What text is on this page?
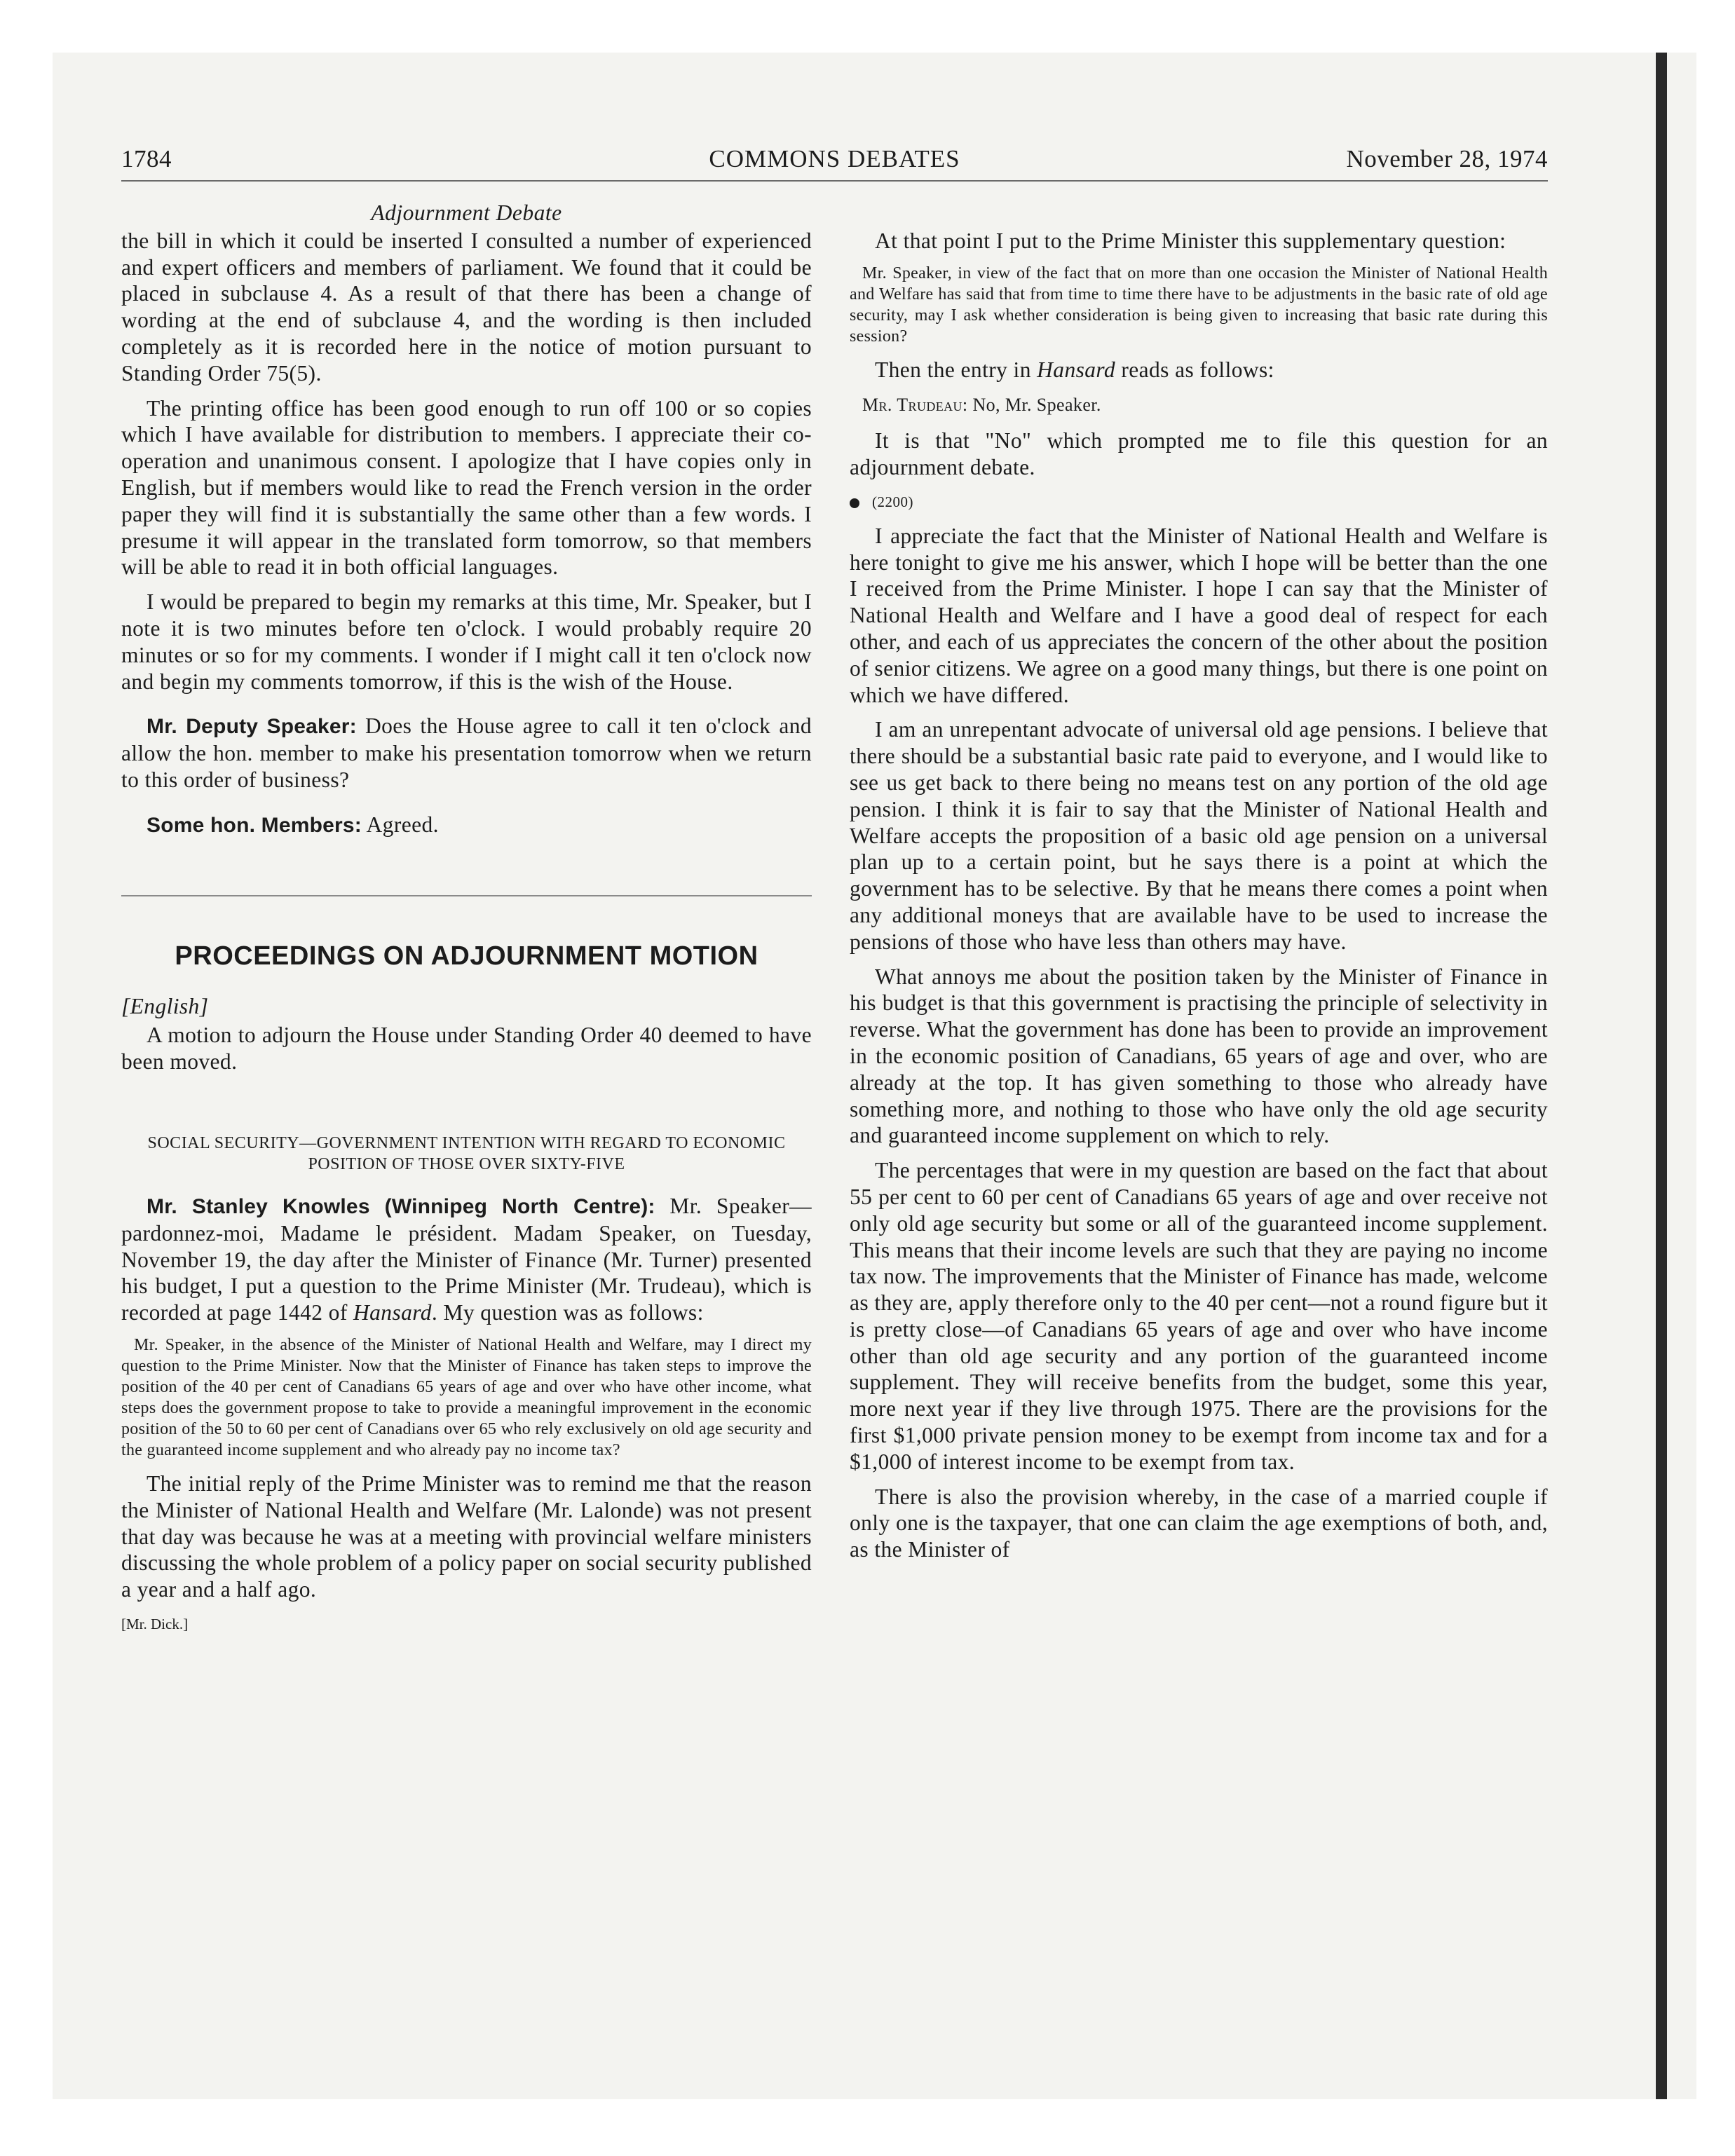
1784	COMMONS DEBATES	November 28, 1974
Adjournment Debate

the bill in which it could be inserted I consulted a number of experienced and expert officers and members of parliament. We found that it could be placed in subclause 4. As a result of that there has been a change of wording at the end of subclause 4, and the wording is then included completely as it is recorded here in the notice of motion pursuant to Standing Order 75(5).

The printing office has been good enough to run off 100 or so copies which I have available for distribution to members. I appreciate their co-operation and unanimous consent. I apologize that I have copies only in English, but if members would like to read the French version in the order paper they will find it is substantially the same other than a few words. I presume it will appear in the translated form tomorrow, so that members will be able to read it in both official languages.

I would be prepared to begin my remarks at this time, Mr. Speaker, but I note it is two minutes before ten o'clock. I would probably require 20 minutes or so for my comments. I wonder if I might call it ten o'clock now and begin my comments tomorrow, if this is the wish of the House.

Mr. Deputy Speaker: Does the House agree to call it ten o'clock and allow the hon. member to make his presentation tomorrow when we return to this order of business?

Some hon. Members: Agreed.

PROCEEDINGS ON ADJOURNMENT MOTION

[English]

A motion to adjourn the House under Standing Order 40 deemed to have been moved.

SOCIAL SECURITY—GOVERNMENT INTENTION WITH REGARD TO ECONOMIC POSITION OF THOSE OVER SIXTY-FIVE

Mr. Stanley Knowles (Winnipeg North Centre): Mr. Speaker—pardonnez-moi, Madame le président. Madam Speaker, on Tuesday, November 19, the day after the Minister of Finance (Mr. Turner) presented his budget, I put a question to the Prime Minister (Mr. Trudeau), which is recorded at page 1442 of Hansard. My question was as follows:

Mr. Speaker, in the absence of the Minister of National Health and Welfare, may I direct my question to the Prime Minister. Now that the Minister of Finance has taken steps to improve the position of the 40 per cent of Canadians 65 years of age and over who have other income, what steps does the government propose to take to provide a meaningful improvement in the economic position of the 50 to 60 per cent of Canadians over 65 who rely exclusively on old age security and the guaranteed income supplement and who already pay no income tax?

The initial reply of the Prime Minister was to remind me that the reason the Minister of National Health and Welfare (Mr. Lalonde) was not present that day was because he was at a meeting with provincial welfare ministers discussing the whole problem of a policy paper on social security published a year and a half ago.

[Mr. Dick.]

At that point I put to the Prime Minister this supplementary question:

Mr. Speaker, in view of the fact that on more than one occasion the Minister of National Health and Welfare has said that from time to time there have to be adjustments in the basic rate of old age security, may I ask whether consideration is being given to increasing that basic rate during this session?

Then the entry in Hansard reads as follows:

Mr. Trudeau: No, Mr. Speaker.

It is that "No" which prompted me to file this question for an adjournment debate.

(2200)

I appreciate the fact that the Minister of National Health and Welfare is here tonight to give me his answer, which I hope will be better than the one I received from the Prime Minister. I hope I can say that the Minister of National Health and Welfare and I have a good deal of respect for each other, and each of us appreciates the concern of the other about the position of senior citizens. We agree on a good many things, but there is one point on which we have differed.

I am an unrepentant advocate of universal old age pensions. I believe that there should be a substantial basic rate paid to everyone, and I would like to see us get back to there being no means test on any portion of the old age pension. I think it is fair to say that the Minister of National Health and Welfare accepts the proposition of a basic old age pension on a universal plan up to a certain point, but he says there is a point at which the government has to be selective. By that he means there comes a point when any additional moneys that are available have to be used to increase the pensions of those who have less than others may have.

What annoys me about the position taken by the Minister of Finance in his budget is that this government is practising the principle of selectivity in reverse. What the government has done has been to provide an improvement in the economic position of Canadians, 65 years of age and over, who are already at the top. It has given something to those who already have something more, and nothing to those who have only the old age security and guaranteed income supplement on which to rely.

The percentages that were in my question are based on the fact that about 55 per cent to 60 per cent of Canadians 65 years of age and over receive not only old age security but some or all of the guaranteed income supplement. This means that their income levels are such that they are paying no income tax now. The improvements that the Minister of Finance has made, welcome as they are, apply therefore only to the 40 per cent—not a round figure but it is pretty close—of Canadians 65 years of age and over who have income other than old age security and any portion of the guaranteed income supplement. They will receive benefits from the budget, some this year, more next year if they live through 1975. There are the provisions for the first $1,000 private pension money to be exempt from income tax and for a $1,000 of interest income to be exempt from tax.

There is also the provision whereby, in the case of a married couple if only one is the taxpayer, that one can claim the age exemptions of both, and, as the Minister of
